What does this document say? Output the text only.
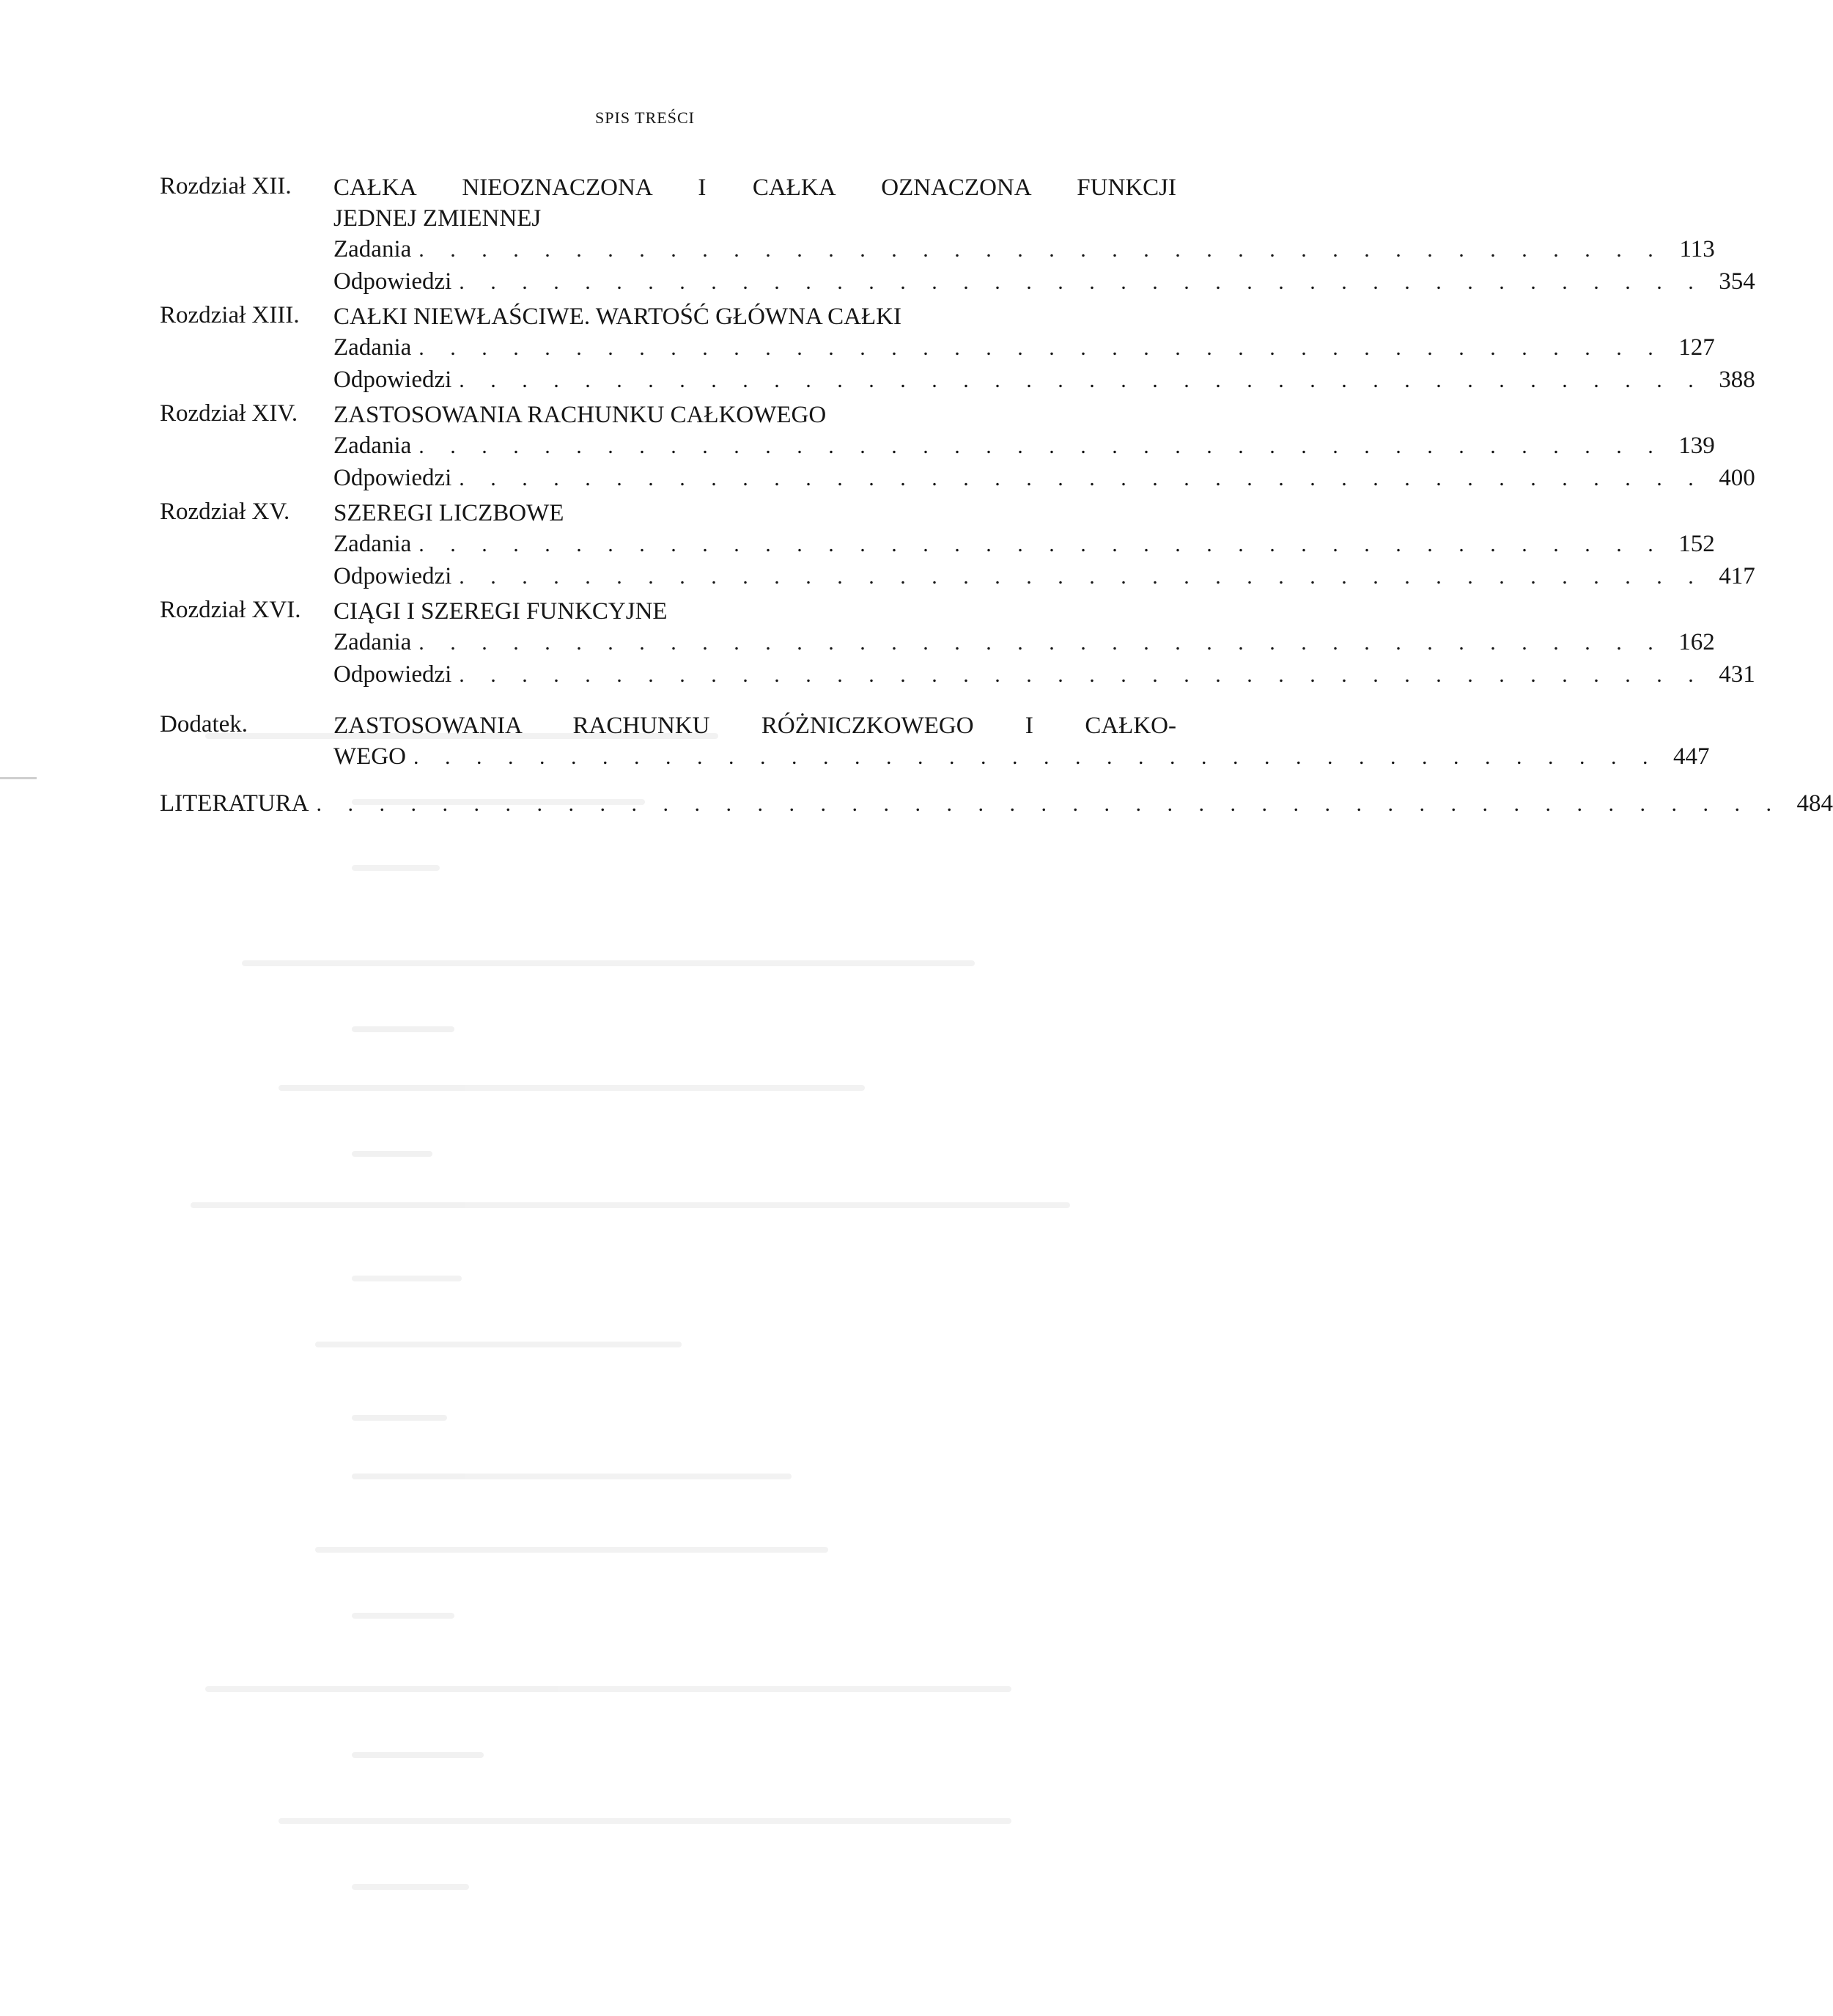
SPIS TREŚCI
Rozdział XII. CAŁKA NIEOZNACZONA I CAŁKA OZNACZONA FUNKCJI
JEDNEJ ZMIENNEJ
Zadania . . . . . . . . . . . . . . . . . . . . . . . . . . . . . . . . . . . . . . . . 113
Odpowiedzi . . . . . . . . . . . . . . . . . . . . . . . . . . . . . . . . . . . . . . . . 354
Rozdział XIII. CAŁKI NIEWŁAŚCIWE. WARTOŚĆ GŁÓWNA CAŁKI
Zadania . . . . . . . . . . . . . . . . . . . . . . . . . . . . . . . . . . . . . . . . 127
Odpowiedzi . . . . . . . . . . . . . . . . . . . . . . . . . . . . . . . . . . . . . . . . 388
Rozdział XIV. ZASTOSOWANIA RACHUNKU CAŁKOWEGO
Zadania . . . . . . . . . . . . . . . . . . . . . . . . . . . . . . . . . . . . . . . . 139
Odpowiedzi . . . . . . . . . . . . . . . . . . . . . . . . . . . . . . . . . . . . . . . . 400
Rozdział XV. SZEREGI LICZBOWE
Zadania . . . . . . . . . . . . . . . . . . . . . . . . . . . . . . . . . . . . . . . . 152
Odpowiedzi . . . . . . . . . . . . . . . . . . . . . . . . . . . . . . . . . . . . . . . . 417
Rozdział XVI. CIĄGI I SZEREGI FUNKCYJNE
Zadania . . . . . . . . . . . . . . . . . . . . . . . . . . . . . . . . . . . . . . . . 162
Odpowiedzi . . . . . . . . . . . . . . . . . . . . . . . . . . . . . . . . . . . . . . . . 431
Dodatek.	ZASTOSOWANIA RACHUNKU RÓŻNICZKOWEGO I CAŁKO-
WEGO . . . . . . . . . . . . . . . . . . . . . . . . . . . . . . . . . . . . . . . . 447
LITERATURA . . . . . . . . . . . . . . . . . . . . . . . . . . . . . . . . . . . . . . . . . . . . . . . 484
